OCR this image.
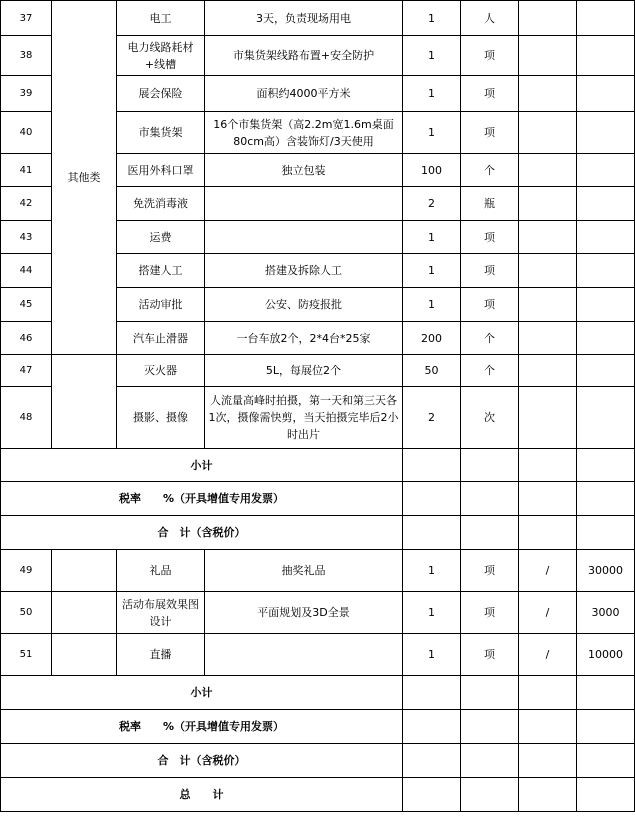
37	其他类	电工	3天，负责现场用电	1	人		
38		电力线路耗材+线槽	市集货架线路布置+安全防护	1	项		
39		展会保险	面积约4000平方米	1	项		
40		市集货架	16个市集货架（高2.2m宽1.6m桌面80cm高）含装饰灯/3天使用	1	项		
41		医用外科口罩	独立包装	100	个		
42		免洗消毒液		2	瓶		
43		运费		1	项		
44		搭建人工	搭建及拆除人工	1	项		
45		活动审批	公安、防疫报批	1	项		
46		汽车止滑器	一台车放2个，2*4台*25家	200	个		
47		灭火器	5L，每展位2个	50	个		
48		摄影、摄像	人流量高峰时拍摄，第一天和第三天各1次，摄像需快剪，当天拍摄完毕后2小时出片	2	次		
小计							
税率　　%（开具增值专用发票）							
合　计（含税价）							
49		礼品	抽奖礼品	1	项	/	30000
50		活动布展效果图设计	平面规划及3D全景	1	项	/	3000
51		直播		1	项	/	10000
小计							
税率　　%（开具增值专用发票）							
合　计（含税价）							
总　　计							
